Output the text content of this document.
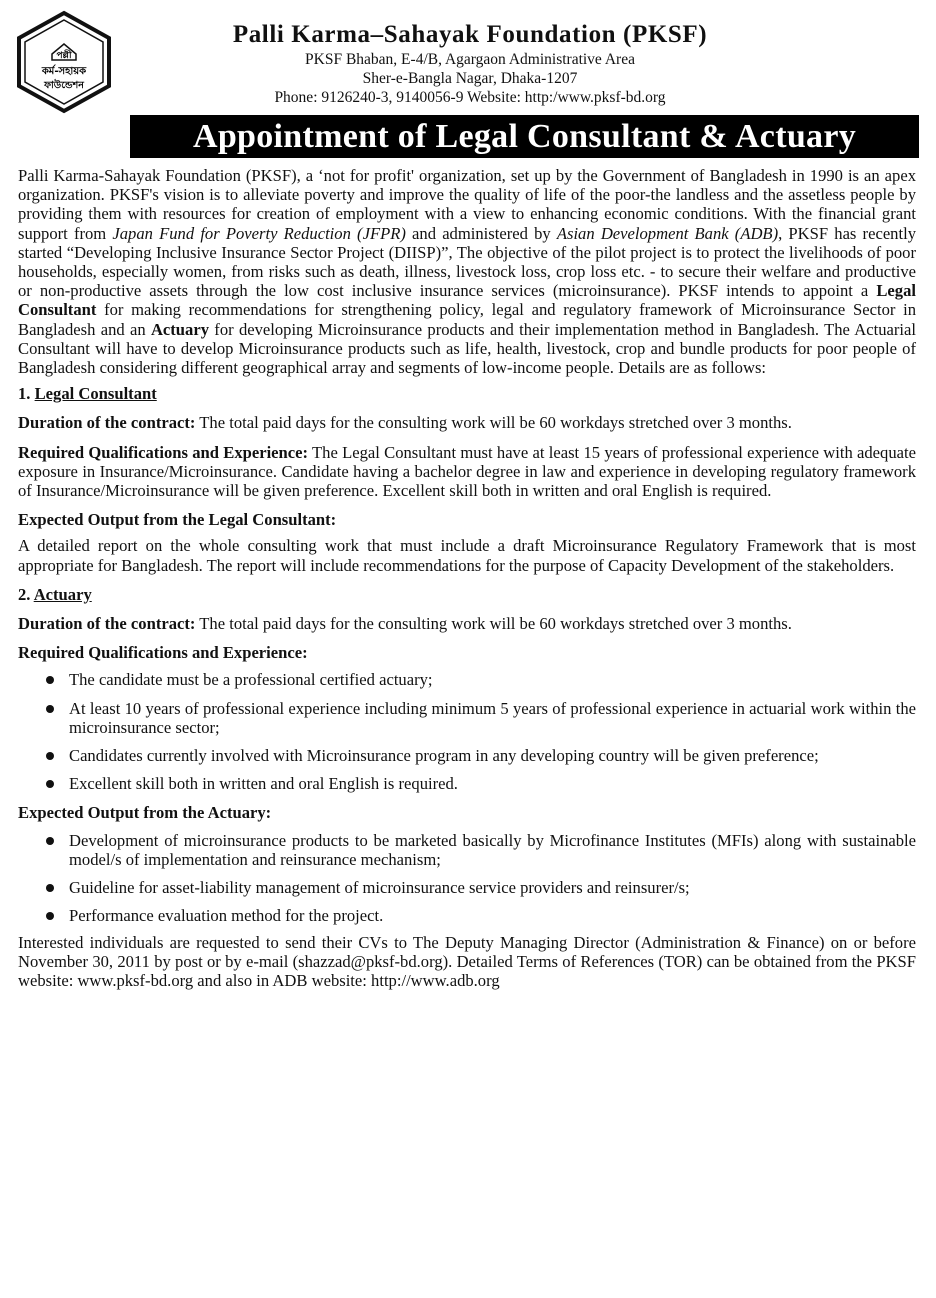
পল্লী
কর্ম-সহায়ক
ফাউন্ডেশন
Palli Karma–Sahayak Foundation (PKSF)
PKSF Bhaban, E-4/B, Agargaon Administrative Area
Sher-e-Bangla Nagar, Dhaka-1207
Phone: 9126240-3, 9140056-9 Website: http:/www.pksf-bd.org
Appointment of Legal Consultant & Actuary

Palli Karma-Sahayak Foundation (PKSF), a ‘not for profit' organization, set up by the Government of Bangladesh in 1990 is an apex organization. PKSF's vision is to alleviate poverty and improve the quality of life of the poor-the landless and the assetless people by providing them with resources for creation of employment with a view to enhancing economic conditions. With the financial grant support from Japan Fund for Poverty Reduction (JFPR) and administered by Asian Development Bank (ADB), PKSF has recently started “Developing Inclusive Insurance Sector Project (DIISP)”, The objective of the pilot project is to protect the livelihoods of poor households, especially women, from risks such as death, illness, livestock loss, crop loss etc. - to secure their welfare and productive or non-productive assets through the low cost inclusive insurance services (microinsurance). PKSF intends to appoint a Legal Consultant for making recommendations for strengthening policy, legal and regulatory framework of Microinsurance Sector in Bangladesh and an Actuary for developing Microinsurance products and their implementation method in Bangladesh. The Actuarial Consultant will have to develop Microinsurance products such as life, health, livestock, crop and bundle products for poor people of Bangladesh considering different geographical array and segments of low-income people. Details are as follows:

1. Legal Consultant

Duration of the contract: The total paid days for the consulting work will be 60 workdays stretched over 3 months.

Required Qualifications and Experience: The Legal Consultant must have at least 15 years of professional experience with adequate exposure in Insurance/Microinsurance. Candidate having a bachelor degree in law and experience in developing regulatory framework of Insurance/Microinsurance will be given preference. Excellent skill both in written and oral English is required.

Expected Output from the Legal Consultant:

A detailed report on the whole consulting work that must include a draft Microinsurance Regulatory Framework that is most appropriate for Bangladesh. The report will include recommendations for the purpose of Capacity Development of the stakeholders.

2. Actuary

Duration of the contract: The total paid days for the consulting work will be 60 workdays stretched over 3 months.

Required Qualifications and Experience:
The candidate must be a professional certified actuary;
At least 10 years of professional experience including minimum 5 years of professional experience in actuarial work within the microinsurance sector;
Candidates currently involved with Microinsurance program in any developing country will be given preference;
Excellent skill both in written and oral English is required.
Expected Output from the Actuary:
Development of microinsurance products to be marketed basically by Microfinance Institutes (MFIs) along with sustainable model/s of implementation and reinsurance mechanism;
Guideline for asset-liability management of microinsurance service providers and reinsurer/s;
Performance evaluation method for the project.

Interested individuals are requested to send their CVs to The Deputy Managing Director (Administration & Finance) on or before November 30, 2011 by post or by e-mail (shazzad@pksf-bd.org). Detailed Terms of References (TOR) can be obtained from the PKSF website: www.pksf-bd.org and also in ADB website: http://www.adb.org
